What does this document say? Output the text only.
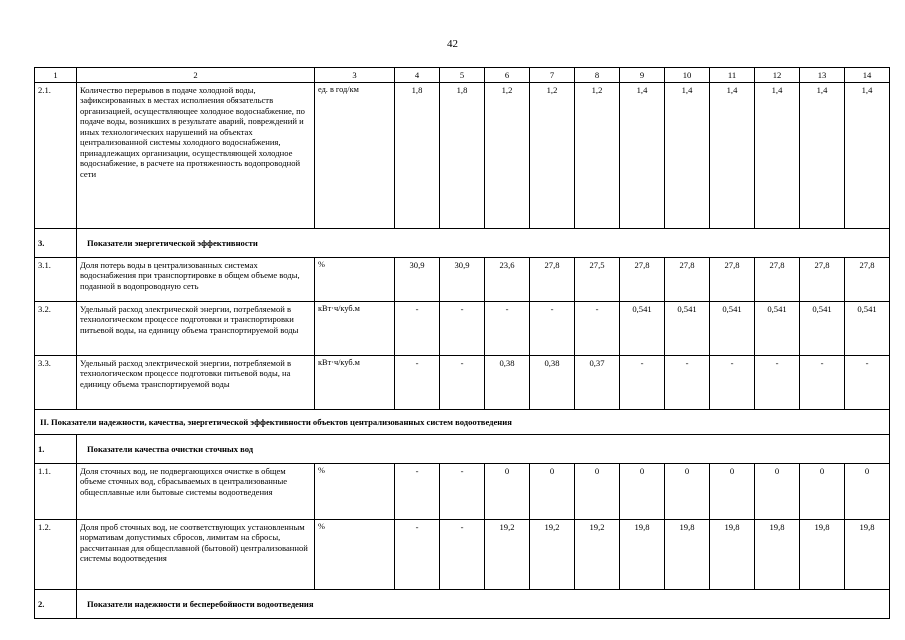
42
1	2	3	4	5	6	7	8	9	10	11	12	13	14
2.1.	Количество перерывов в подаче холодной воды, зафиксированных в местах исполнения обязательств организацией, осуществляющее холодное водоснабжение, по подаче воды, возникших в результате аварий, повреждений и иных технологических нарушений на объектах централизованной системы холодного водоснабжения, принадлежащих организации, осуществляющей холодное водоснабжение, в расчете на протяженность водопроводной сети	ед. в год/км	1,8	1,8	1,2	1,2	1,2	1,4	1,4	1,4	1,4	1,4	1,4
3.	Показатели энергетической эффективности												
3.1.	Доля потерь воды в централизованных системах водоснабжения при транспортировке в общем объеме воды, поданной в водопроводную сеть	%	30,9	30,9	23,6	27,8	27,5	27,8	27,8	27,8	27,8	27,8	27,8
3.2.	Удельный расход электрической энергии, потребляемой в технологическом процессе подготовки и транспортировки питьевой воды, на единицу объема транспортируемой воды	кВт·ч/куб.м	-	-	-	-	-	0,541	0,541	0,541	0,541	0,541	0,541
3.3.	Удельный расход электрической энергии, потребляемой в технологическом процессе подготовки питьевой воды, на единицу объема транспортируемой воды	кВт·ч/куб.м	-	-	0,38	0,38	0,37	-	-	-	-	-	-
II. Показатели надежности, качества, энергетической эффективности объектов централизованных систем водоотведения													
1.	Показатели качества очистки сточных вод												
1.1.	Доля сточных вод, не подвергающихся очистке в общем объеме сточных вод, сбрасываемых в централизованные общесплавные или бытовые системы водоотведения	%	-	-	0	0	0	0	0	0	0	0	0
1.2.	Доля проб сточных вод, не соответствующих установленным нормативам допустимых сбросов, лимитам на сбросы, рассчитанная для общесплавной (бытовой) централизованной системы водоотведения	%	-	-	19,2	19,2	19,2	19,8	19,8	19,8	19,8	19,8	19,8
2.	Показатели надежности и бесперебойности водоотведения												
